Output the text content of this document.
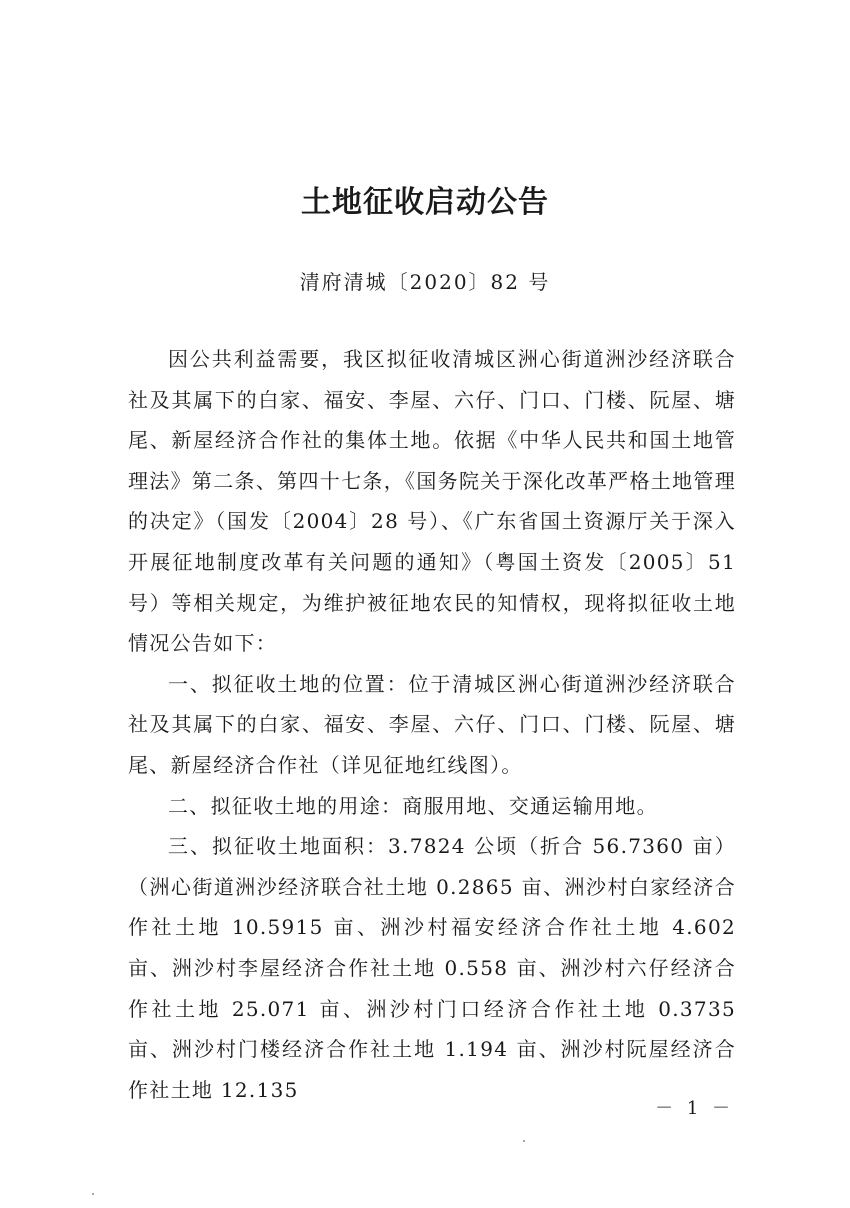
土地征收启动公告
清府清城〔2020〕82 号

因公共利益需要，我区拟征收清城区洲心街道洲沙经济联合社及其属下的白家、福安、李屋、六仔、门口、门楼、阮屋、塘尾、新屋经济合作社的集体土地。依据《中华人民共和国土地管理法》第二条、第四十七条，《国务院关于深化改革严格土地管理的决定》（国发〔2004〕28 号）、《广东省国土资源厅关于深入开展征地制度改革有关问题的通知》（粤国土资发〔2005〕51 号）等相关规定，为维护被征地农民的知情权，现将拟征收土地情况公告如下：

一、拟征收土地的位置：位于清城区洲心街道洲沙经济联合社及其属下的白家、福安、李屋、六仔、门口、门楼、阮屋、塘尾、新屋经济合作社（详见征地红线图）。

二、拟征收土地的用途：商服用地、交通运输用地。

三、拟征收土地面积：3.7824 公顷（折合 56.7360 亩）（洲心街道洲沙经济联合社土地 0.2865 亩、洲沙村白家经济合作社土地 10.5915 亩、洲沙村福安经济合作社土地 4.602 亩、洲沙村李屋经济合作社土地 0.558 亩、洲沙村六仔经济合作社土地 25.071 亩、洲沙村门口经济合作社土地 0.3735 亩、洲沙村门楼经济合作社土地 1.194 亩、洲沙村阮屋经济合作社土地 12.135

－ 1 －
